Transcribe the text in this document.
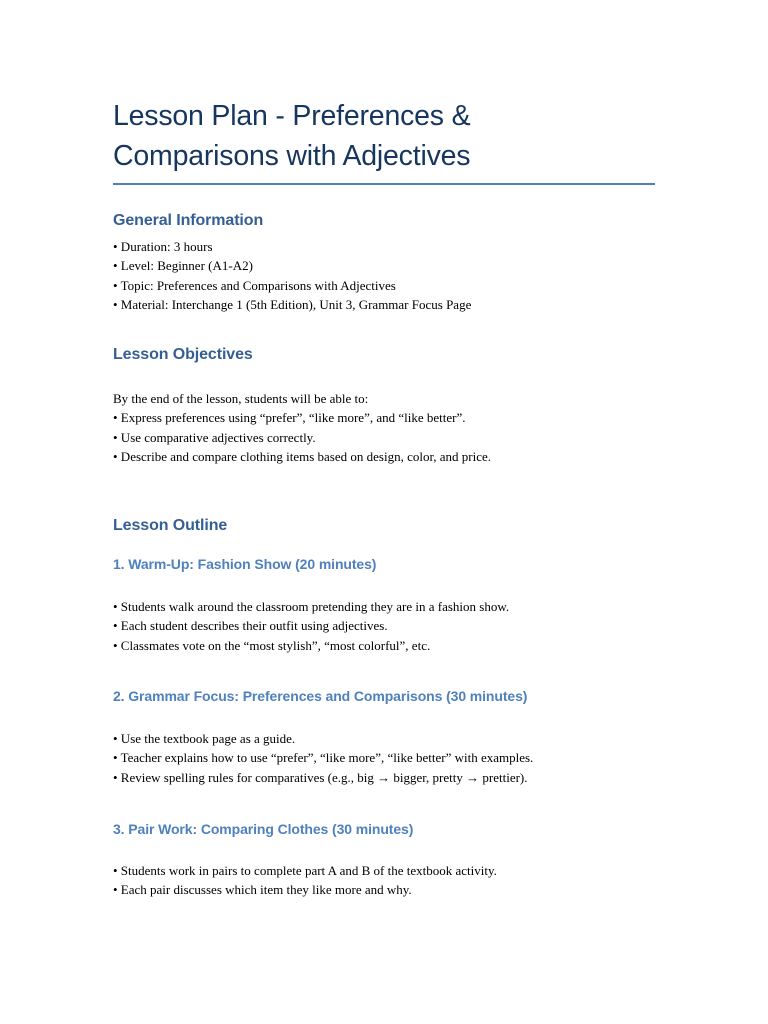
Lesson Plan - Preferences &
Comparisons with Adjectives
General Information
• Duration: 3 hours
• Level: Beginner (A1-A2)
• Topic: Preferences and Comparisons with Adjectives
• Material: Interchange 1 (5th Edition), Unit 3, Grammar Focus Page
Lesson Objectives
By the end of the lesson, students will be able to:
• Express preferences using “prefer”, “like more”, and “like better”.
• Use comparative adjectives correctly.
• Describe and compare clothing items based on design, color, and price.
Lesson Outline
1. Warm-Up: Fashion Show (20 minutes)
• Students walk around the classroom pretending they are in a fashion show.
• Each student describes their outfit using adjectives.
• Classmates vote on the “most stylish”, “most colorful”, etc.
2. Grammar Focus: Preferences and Comparisons (30 minutes)
• Use the textbook page as a guide.
• Teacher explains how to use “prefer”, “like more”, “like better” with examples.
• Review spelling rules for comparatives (e.g., big → bigger, pretty → prettier).
3. Pair Work: Comparing Clothes (30 minutes)
• Students work in pairs to complete part A and B of the textbook activity.
• Each pair discusses which item they like more and why.
